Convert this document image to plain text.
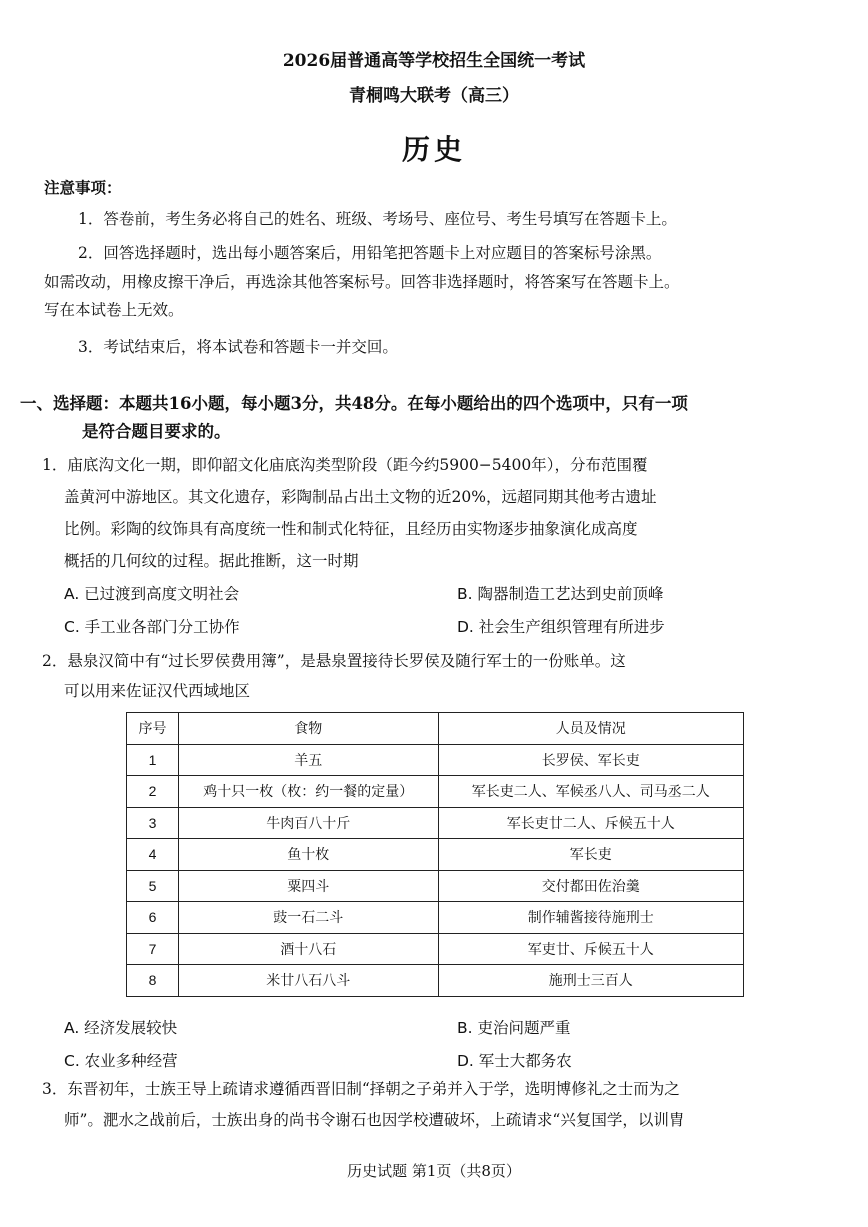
2026届普通高等学校招生全国统一考试
青桐鸣大联考（高三）
历史
注意事项：
1．答卷前，考生务必将自己的姓名、班级、考场号、座位号、考生号填写在答题卡上。
2．回答选择题时，选出每小题答案后，用铅笔把答题卡上对应题目的答案标号涂黑。
如需改动，用橡皮擦干净后，再选涂其他答案标号。回答非选择题时，将答案写在答题卡上。
写在本试卷上无效。
3．考试结束后，将本试卷和答题卡一并交回。
一、选择题：本题共16小题，每小题3分，共48分。在每小题给出的四个选项中，只有一项
是符合题目要求的。
1．庙底沟文化一期，即仰韶文化庙底沟类型阶段（距今约5900−5400年），分布范围覆
盖黄河中游地区。其文化遗存，彩陶制品占出土文物的近20%，远超同期其他考古遗址
比例。彩陶的纹饰具有高度统一性和制式化特征，且经历由实物逐步抽象演化成高度
概括的几何纹的过程。据此推断，这一时期
A. 已过渡到高度文明社会	B. 陶器制造工艺达到史前顶峰
C. 手工业各部门分工协作	D. 社会生产组织管理有所进步
2．悬泉汉简中有“过长罗侯费用簿”，是悬泉置接待长罗侯及随行军士的一份账单。这
可以用来佐证汉代西域地区
序号	食物	人员及情况
1	羊五	长罗侯、军长吏
2	鸡十只一枚（枚：约一餐的定量）	军长吏二人、军候丞八人、司马丞二人
3	牛肉百八十斤	军长吏廿二人、斥候五十人
4	鱼十枚	军长吏
5	粟四斗	交付都田佐治羹
6	豉一石二斗	制作辅酱接待施刑士
7	酒十八石	军吏廿、斥候五十人
8	米廿八石八斗	施刑士三百人
A. 经济发展较快	B. 吏治问题严重
C. 农业多种经营	D. 军士大都务农
3．东晋初年，士族王导上疏请求遵循西晋旧制“择朝之子弟并入于学，选明博修礼之士而为之
师”。淝水之战前后，士族出身的尚书令谢石也因学校遭破坏，上疏请求“兴复国学，以训胄
历史试题 第1页（共8页）
